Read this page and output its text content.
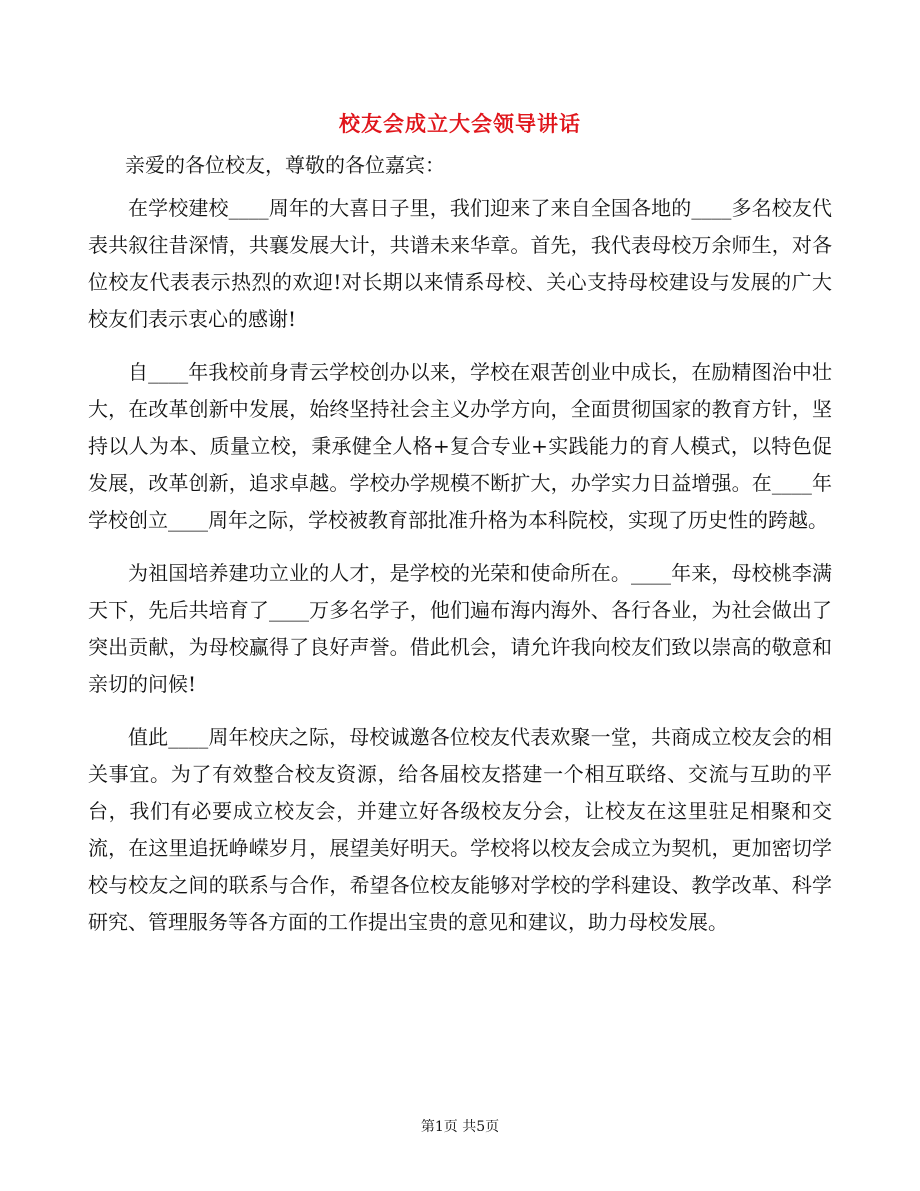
校友会成立大会领导讲话
亲爱的各位校友，尊敬的各位嘉宾：

在学校建校____周年的大喜日子里，我们迎来了来自全国各地的____多名校友代表共叙往昔深情，共襄发展大计，共谱未来华章。首先，我代表母校万余师生，对各位校友代表表示热烈的欢迎!对长期以来情系母校、关心支持母校建设与发展的广大校友们表示衷心的感谢!

自____年我校前身青云学校创办以来，学校在艰苦创业中成长，在励精图治中壮大，在改革创新中发展，始终坚持社会主义办学方向，全面贯彻国家的教育方针，坚持以人为本、质量立校，秉承健全人格+复合专业+实践能力的育人模式，以特色促发展，改革创新，追求卓越。学校办学规模不断扩大，办学实力日益增强。在____年学校创立____周年之际，学校被教育部批准升格为本科院校，实现了历史性的跨越。

为祖国培养建功立业的人才，是学校的光荣和使命所在。____年来，母校桃李满天下，先后共培育了____万多名学子，他们遍布海内海外、各行各业，为社会做出了突出贡献，为母校赢得了良好声誉。借此机会，请允许我向校友们致以崇高的敬意和亲切的问候!

值此____周年校庆之际，母校诚邀各位校友代表欢聚一堂，共商成立校友会的相关事宜。为了有效整合校友资源，给各届校友搭建一个相互联络、交流与互助的平台，我们有必要成立校友会，并建立好各级校友分会，让校友在这里驻足相聚和交流，在这里追抚峥嵘岁月，展望美好明天。学校将以校友会成立为契机，更加密切学校与校友之间的联系与合作，希望各位校友能够对学校的学科建设、教学改革、科学研究、管理服务等各方面的工作提出宝贵的意见和建议，助力母校发展。

第1页 共5页
